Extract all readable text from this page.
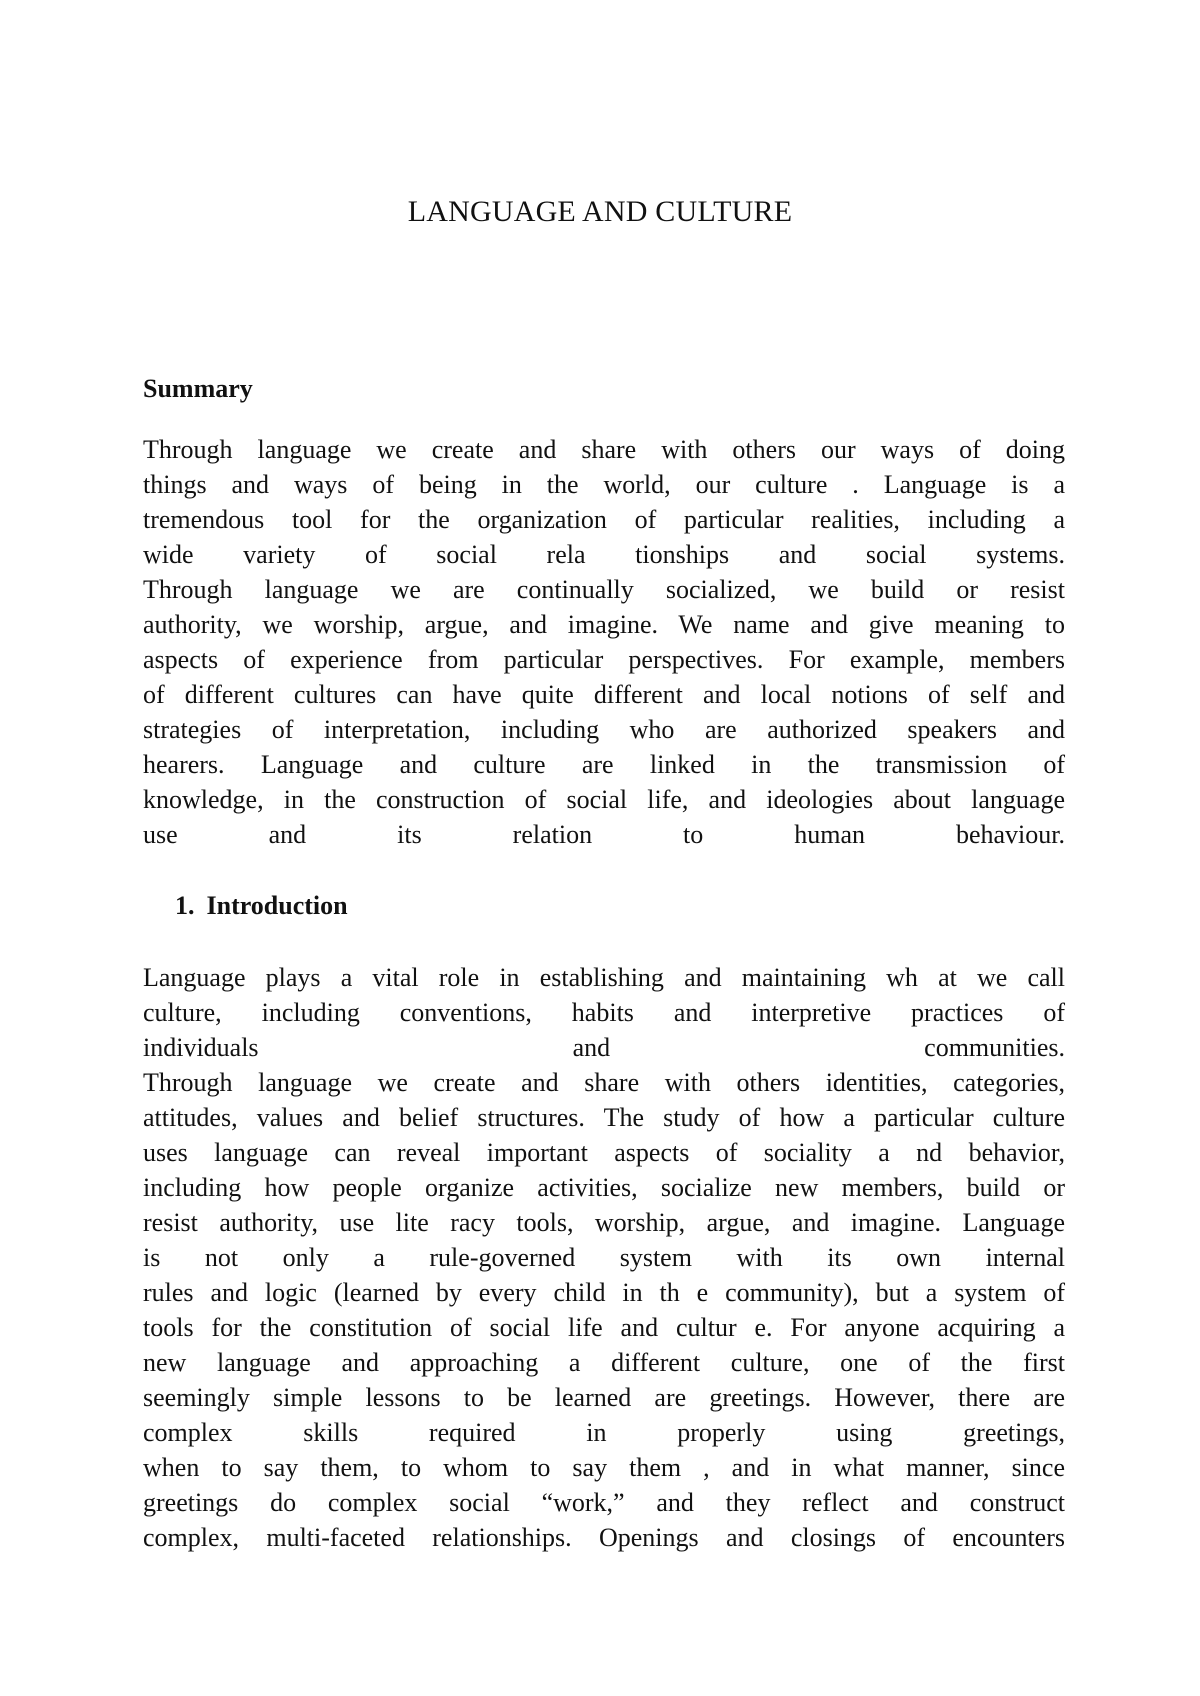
LANGUAGE AND CULTURE
Summary
Through language we create and share with others our ways of doing
things and ways of being in the world, our culture . Language is a
tremendous tool for the organization of particular realities, including a
wide variety of social rela tionships and social systems.
Through language we are continually socialized, we build or resist
authority, we worship, argue, and imagine. We name and give meaning to
aspects of experience from particular perspectives. For example, members
of different cultures can have quite different and local notions of self and
strategies of interpretation, including who are authorized speakers and
hearers. Language and culture are linked in the transmission of
knowledge, in the construction of social life, and ideologies about language
use and its relation to human behaviour.
1. Introduction
Language plays a vital role in establishing and maintaining wh at we call
culture, including conventions, habits and interpretive practices of
individuals and communities.
Through language we create and share with others identities, categories,
attitudes, values and belief structures. The study of how a particular culture
uses language can reveal important aspects of sociality a nd behavior,
including how people organize activities, socialize new members, build or
resist authority, use lite racy tools, worship, argue, and imagine. Language
is not only a rule-governed system with its own internal
rules and logic (learned by every child in th e community), but a system of
tools for the constitution of social life and cultur e. For anyone acquiring a
new language and approaching a different culture, one of the first
seemingly simple lessons to be learned are greetings. However, there are
complex skills required in properly using greetings,
when to say them, to whom to say them , and in what manner, since
greetings do complex social “work,” and they reflect and construct
complex, multi-faceted relationships. Openings and closings of encounters
